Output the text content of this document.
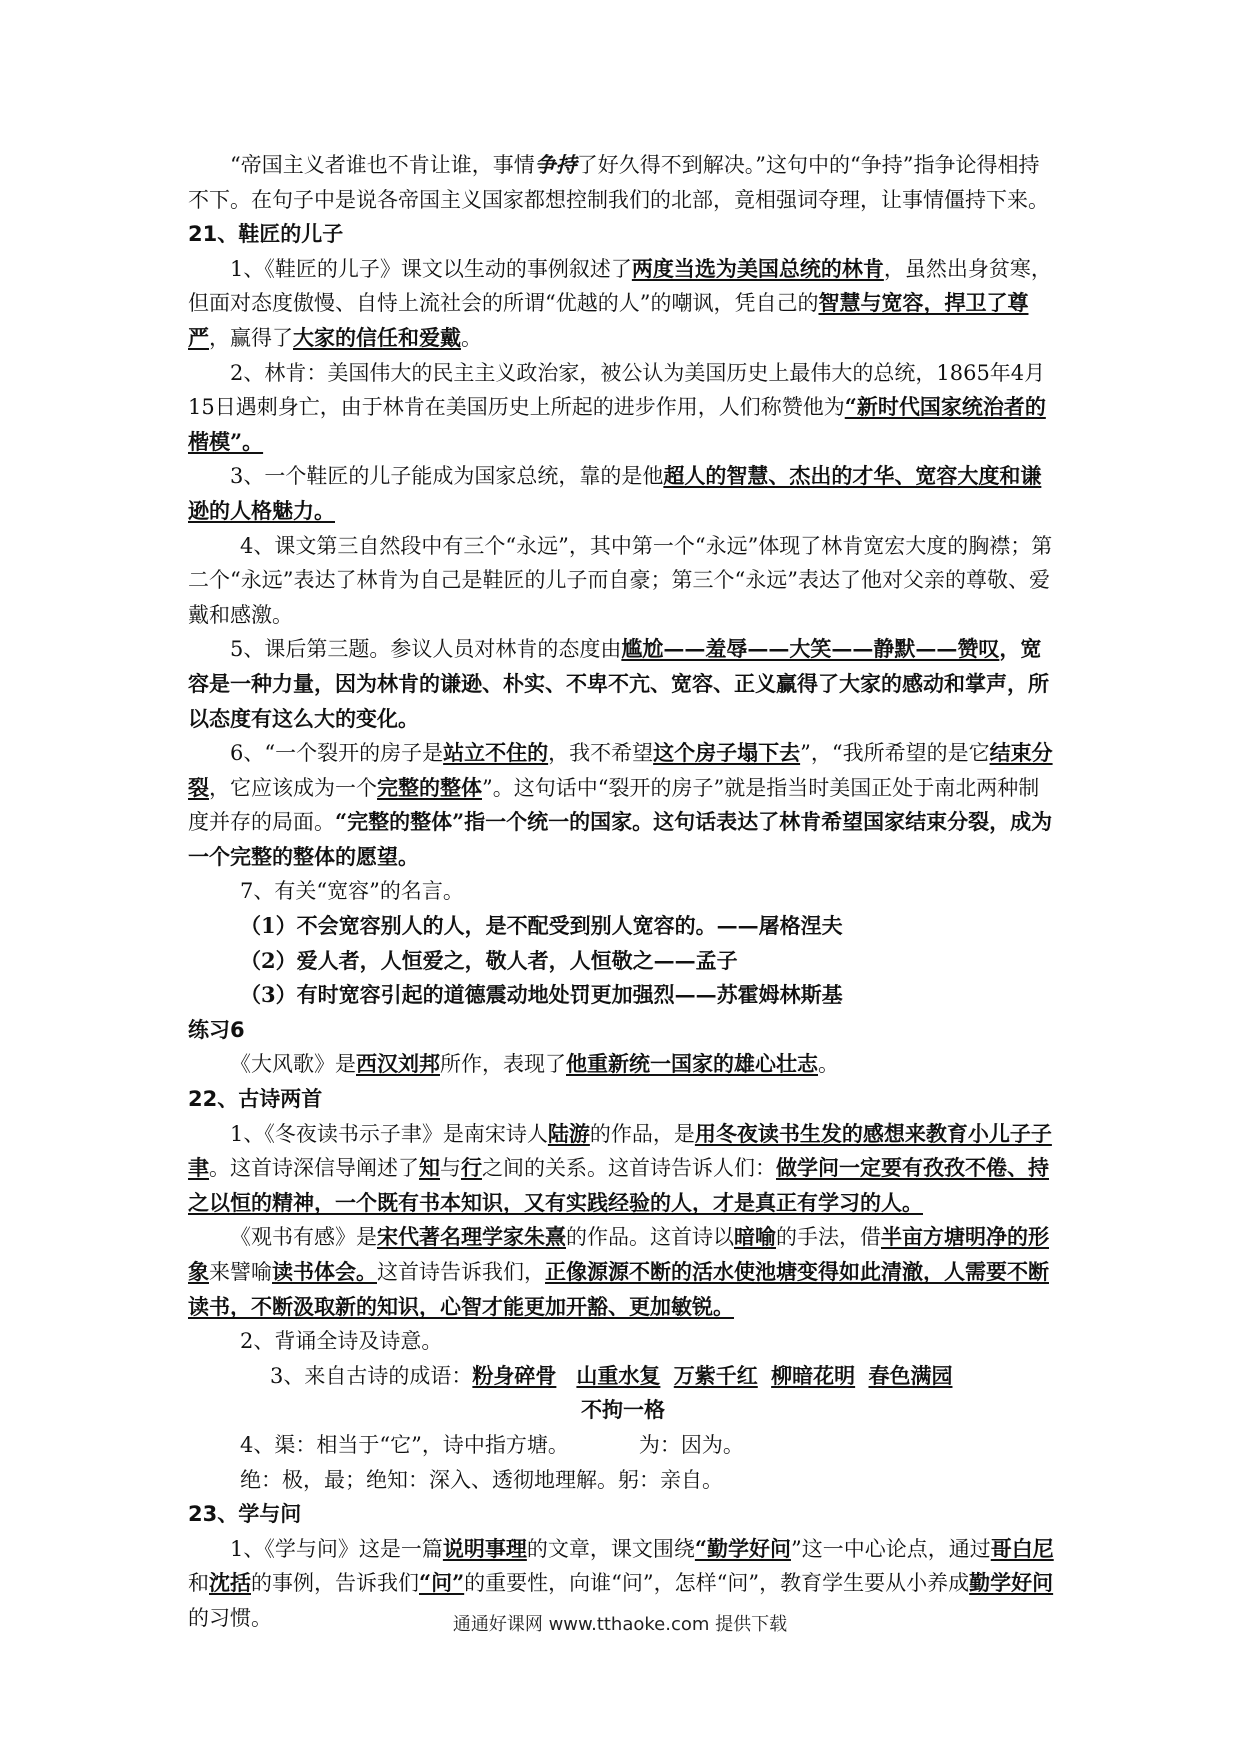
“帝国主义者谁也不肯让谁，事情争持了好久得不到解决。”这句中的“争持”指争论得相持不下。在句子中是说各帝国主义国家都想控制我们的北部，竟相强词夺理，让事情僵持下来。

21、鞋匠的儿子

1、《鞋匠的儿子》课文以生动的事例叙述了两度当选为美国总统的林肯，虽然出身贫寒，但面对态度傲慢、自恃上流社会的所谓“优越的人”的嘲讽，凭自己的智慧与宽容，捍卫了尊严，赢得了大家的信任和爱戴。

2、林肯：美国伟大的民主主义政治家，被公认为美国历史上最伟大的总统，1865年4月15日遇刺身亡，由于林肯在美国历史上所起的进步作用，人们称赞他为“新时代国家统治者的楷模”。

3、一个鞋匠的儿子能成为国家总统，靠的是他超人的智慧、杰出的才华、宽容大度和谦逊的人格魅力。

4、课文第三自然段中有三个“永远”，其中第一个“永远”体现了林肯宽宏大度的胸襟；第二个“永远”表达了林肯为自己是鞋匠的儿子而自豪；第三个“永远”表达了他对父亲的尊敬、爱戴和感激。

5、课后第三题。参议人员对林肯的态度由尴尬——羞辱——大笑——静默——赞叹，宽容是一种力量，因为林肯的谦逊、朴实、不卑不亢、宽容、正义赢得了大家的感动和掌声，所以态度有这么大的变化。

6、“一个裂开的房子是站立不住的，我不希望这个房子塌下去”，“我所希望的是它结束分裂，它应该成为一个完整的整体”。这句话中“裂开的房子”就是指当时美国正处于南北两种制度并存的局面。“完整的整体”指一个统一的国家。这句话表达了林肯希望国家结束分裂，成为一个完整的整体的愿望。

7、有关“宽容”的名言。

（1）不会宽容别人的人，是不配受到别人宽容的。——屠格涅夫

（2）爱人者，人恒爱之，敬人者，人恒敬之——孟子

（3）有时宽容引起的道德震动地处罚更加强烈——苏霍姆林斯基

练习6

《大风歌》是西汉刘邦所作，表现了他重新统一国家的雄心壮志。

22、古诗两首

1、《冬夜读书示子聿》是南宋诗人陆游的作品，是用冬夜读书生发的感想来教育小儿子子聿。这首诗深信导阐述了知与行之间的关系。这首诗告诉人们：做学问一定要有孜孜不倦、持之以恒的精神，一个既有书本知识，又有实践经验的人，才是真正有学习的人。

《观书有感》是宋代著名理学家朱熹的作品。这首诗以暗喻的手法，借半亩方塘明净的形象来譬喻读书体会。这首诗告诉我们，正像源源不断的活水使池塘变得如此清澈，人需要不断读书，不断汲取新的知识，心智才能更加开豁、更加敏锐。

2、背诵全诗及诗意。

3、来自古诗的成语：粉身碎骨 山重水复 万紫千红 柳暗花明 春色满园

不拘一格

4、渠：相当于“它”，诗中指方塘。	为：因为。

绝：极，最；绝知：深入、透彻地理解。躬：亲自。

23、学与问

1、《学与问》这是一篇说明事理的文章，课文围绕“勤学好问”这一中心论点，通过哥白尼和沈括的事例，告诉我们“问”的重要性，向谁“问”，怎样“问”，教育学生要从小养成勤学好问的习惯。	通通好课网 www.tthaoke.com 提供下载
